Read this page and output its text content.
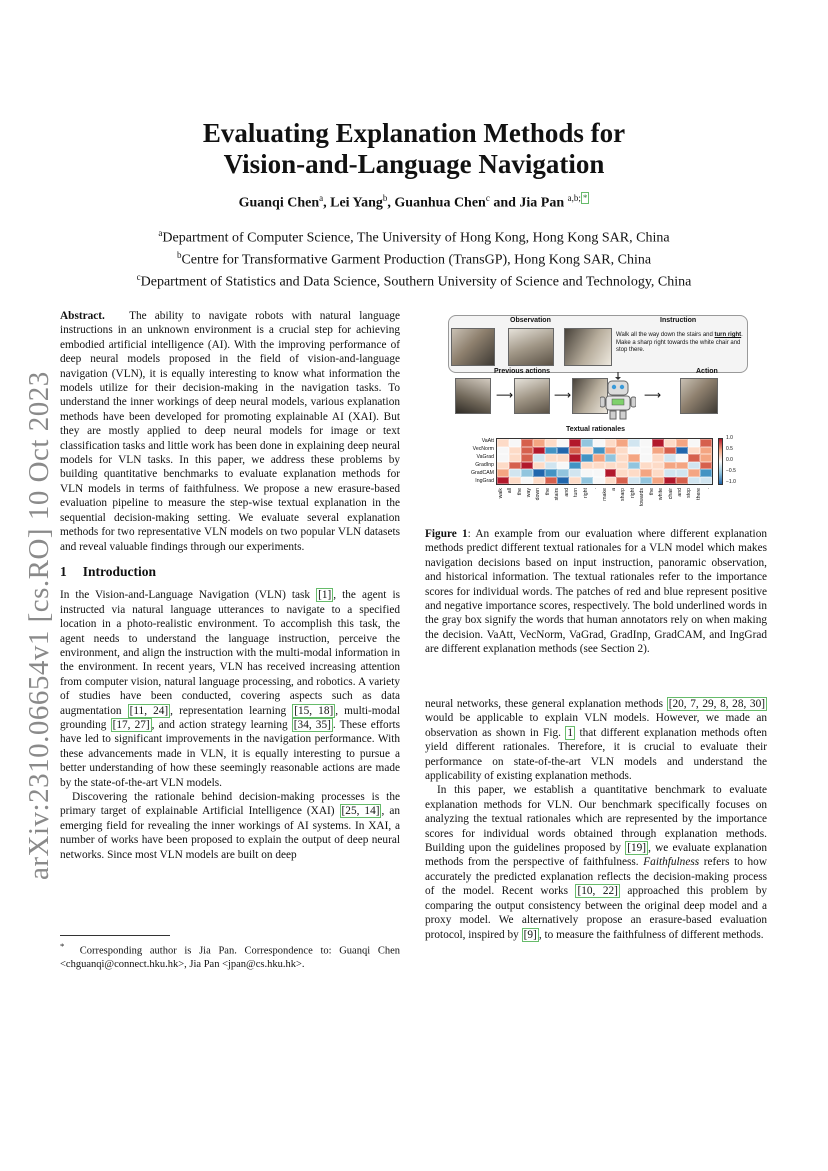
arXiv:2310.06654v1 [cs.RO] 10 Oct 2023
Evaluating Explanation Methods for
Vision-and-Language Navigation
Guanqi Chen$^a$, Lei Yang$^b$, Guanhua Chen$^c$ and Jia Pan $^{a,b;}$ *
$^a$Department of Computer Science, The University of Hong Kong, Hong Kong SAR, China
$^b$Centre for Transformative Garment Production (TransGP), Hong Kong SAR, China
$^c$Department of Statistics and Data Science, Southern University of Science and Technology, China

Abstract. The ability to navigate robots with natural language instructions in an unknown environment is a crucial step for achieving embodied artificial intelligence (AI). With the improving performance of deep neural models proposed in the field of vision-and-language navigation (VLN), it is equally interesting to know what information the models utilize for their decision-making in the navigation tasks. To understand the inner workings of deep neural models, various explanation methods have been developed for promoting explainable AI (XAI). But they are mostly applied to deep neural models for image or text classification tasks and little work has been done in explaining deep neural models for VLN tasks. In this paper, we address these problems by building quantitative benchmarks to evaluate explanation methods for VLN models in terms of faithfulness. We propose a new erasure-based evaluation pipeline to measure the step-wise textual explanation in the sequential decision-making setting. We evaluate several explanation methods for two representative VLN models on two popular VLN datasets and reveal valuable findings through our experiments.

1 Introduction

In the Vision-and-Language Navigation (VLN) task [1] , the agent is instructed via natural language utterances to navigate to a specified location in a photo-realistic environment. To accomplish this task, the agent needs to understand the language instruction, perceive the environment, and align the instruction with the multi-modal information in the environment. In recent years, VLN has received increasing attention from computer vision, natural language processing, and robotics. A variety of studies have been conducted, covering aspects such as data augmentation [11, 24] , representation learning [15, 18] , multi-modal grounding [17, 27] , and action strategy learning [34, 35] . These efforts have led to significant improvements in the navigation performance. With these advancements made in VLN, it is equally interesting to pursue a better understanding of how these seemingly reasonable actions are made by the state-of-the-art VLN models.

Discovering the rationale behind decision-making processes is the primary target of explainable Artificial Intelligence (XAI) [25, 14] , an emerging field for revealing the inner workings of AI systems. In XAI, a number of works have been proposed to explain the output of deep neural networks. Since most VLN models are built on deep

* Corresponding author is Jia Pan. Correspondence to: Guanqi Chen <chguanqi@connect.hku.hk>, Jia Pan <jpan@cs.hku.hk>.
Observation	Instruction
Walk all the way down the stairs and turn right. Make a sharp right towards the white chair and stop there.
Previous actions	Action
⟶	⟶	⟶
Textual rationales
VaAtt
VecNorm
VaGrad
GradInp
GradCAM
IngGrad
walk all the way down the stairs and turn right . make a sharp right towards the white chair and stop there .
1.0
0.5
0.0
−0.5
−1.0
Figure 1: An example from our evaluation where different explanation methods predict different textual rationales for a VLN model which makes navigation decisions based on input instruction, panoramic observation, and historical information. The textual rationales refer to the importance scores for individual words. The patches of red and blue represent positive and negative importance scores, respectively. The bold underlined words in the gray box signify the words that human annotators rely on when making the decision. VaAtt, VecNorm, VaGrad, GradInp, GradCAM, and IngGrad are different explanation methods (see Section 2).

neural networks, these general explanation methods [20, 7, 29, 8, 28, 30] would be applicable to explain VLN models. However, we made an observation as shown in Fig. 1 that different explanation methods often yield different rationales. Therefore, it is crucial to evaluate their performance on state-of-the-art VLN models and understand the applicability of existing explanation methods.

In this paper, we establish a quantitative benchmark to evaluate explanation methods for VLN. Our benchmark specifically focuses on analyzing the textual rationales which are represented by the importance scores for individual words obtained through explanation methods. Building upon the guidelines proposed by [19] , we evaluate explanation methods from the perspective of faithfulness. Faithfulness refers to how accurately the predicted explanation reflects the decision-making process of the model. Recent works [10, 22] approached this problem by comparing the output consistency between the original deep model and a proxy model. We alternatively propose an erasure-based evaluation protocol, inspired by [9] , to measure the faithfulness of different methods.
